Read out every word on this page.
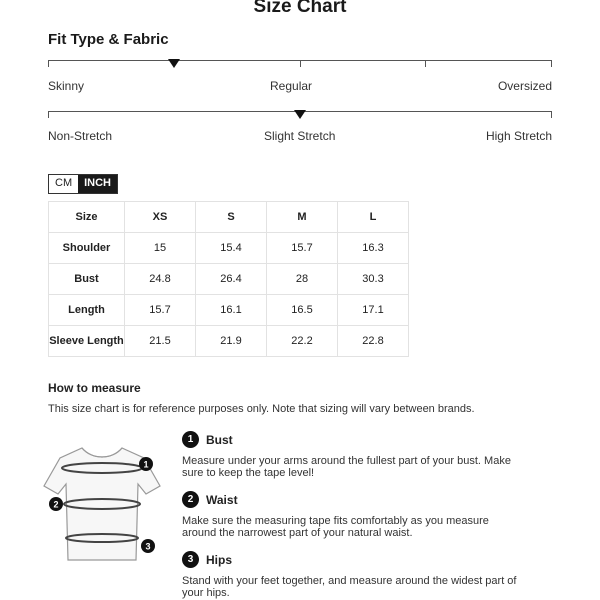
Size Chart
Fit Type & Fabric
Skinny	Regular	Oversized
Non-Stretch	Slight Stretch	High Stretch
CM	INCH
Size	XS	S	M	L
Shoulder	15	15.4	15.7	16.3
Bust	24.8	26.4	28	30.3
Length	15.7	16.1	16.5	17.1
Sleeve Length	21.5	21.9	22.2	22.8
How to measure
This size chart is for reference purposes only. Note that sizing will vary between brands.
1
2
3
1 Bust
Measure under your arms around the fullest part of your bust. Make sure to keep the tape level!
2 Waist
Make sure the measuring tape fits comfortably as you measure around the narrowest part of your natural waist.
3 Hips
Stand with your feet together, and measure around the widest part of your hips.
